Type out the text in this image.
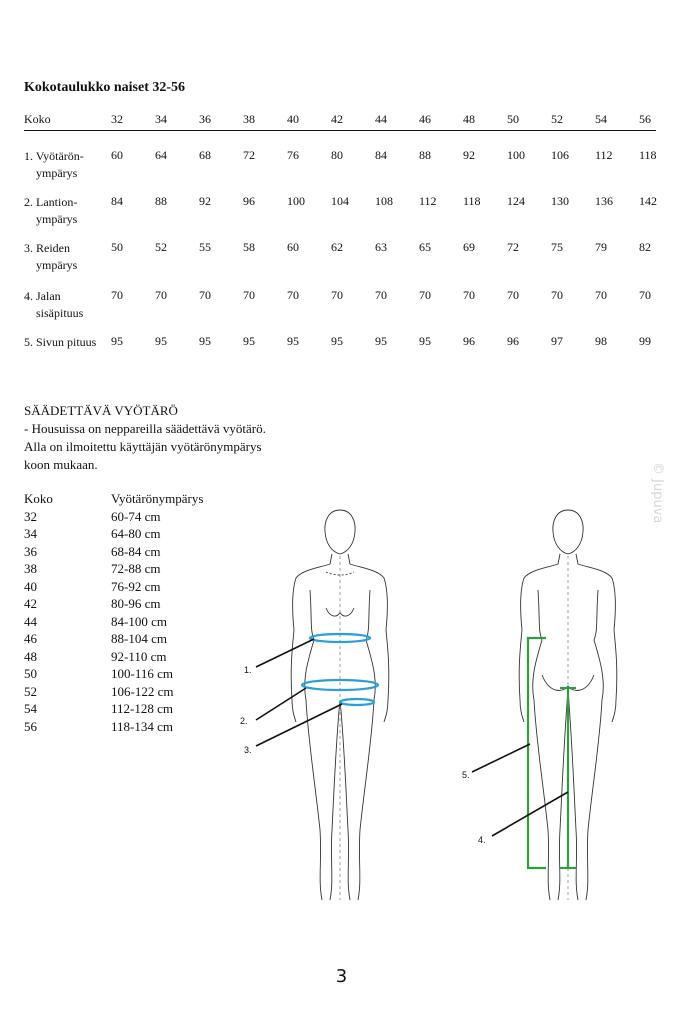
Kokotaulukko naiset 32-56
Koko	32	34	36	38	40	42	44	46	48	50	52	54	56
1. Vyötärön-
ympärys
60	64	68	72	76	80	84	88	92	100 106 112 118
2. Lantion-
ympärys
84	88	92	96	100 104 108 112 118 124 130 136 142
3. Reiden
ympärys
50	52	55	58	60	62	63	65	69	72	75	79	82
4. Jalan
sisäpituus
70	70	70	70	70	70	70	70	70	70	70	70	70
5. Sivun pituus	95	95	95	95	95	95	95	95	96	96	97	98	99
SÄÄDETTÄVÄ VYÖTÄRÖ
- Housuissa on neppareilla säädettävä vyötärö.
Alla on ilmoitettu käyttäjän vyötärönympärys
koon mukaan.
Koko	Vyötärönympärys
32	60-74 cm
34	64-80 cm
36	68-84 cm
38	72-88 cm
40	76-92 cm
42	80-96 cm
44	84-100 cm
46	88-104 cm
48	92-110 cm
50	100-116 cm
52	106-122 cm
54	112-128 cm
56	118-134 cm
1.
2.
3.
5.
4.
© Jupuva
3
